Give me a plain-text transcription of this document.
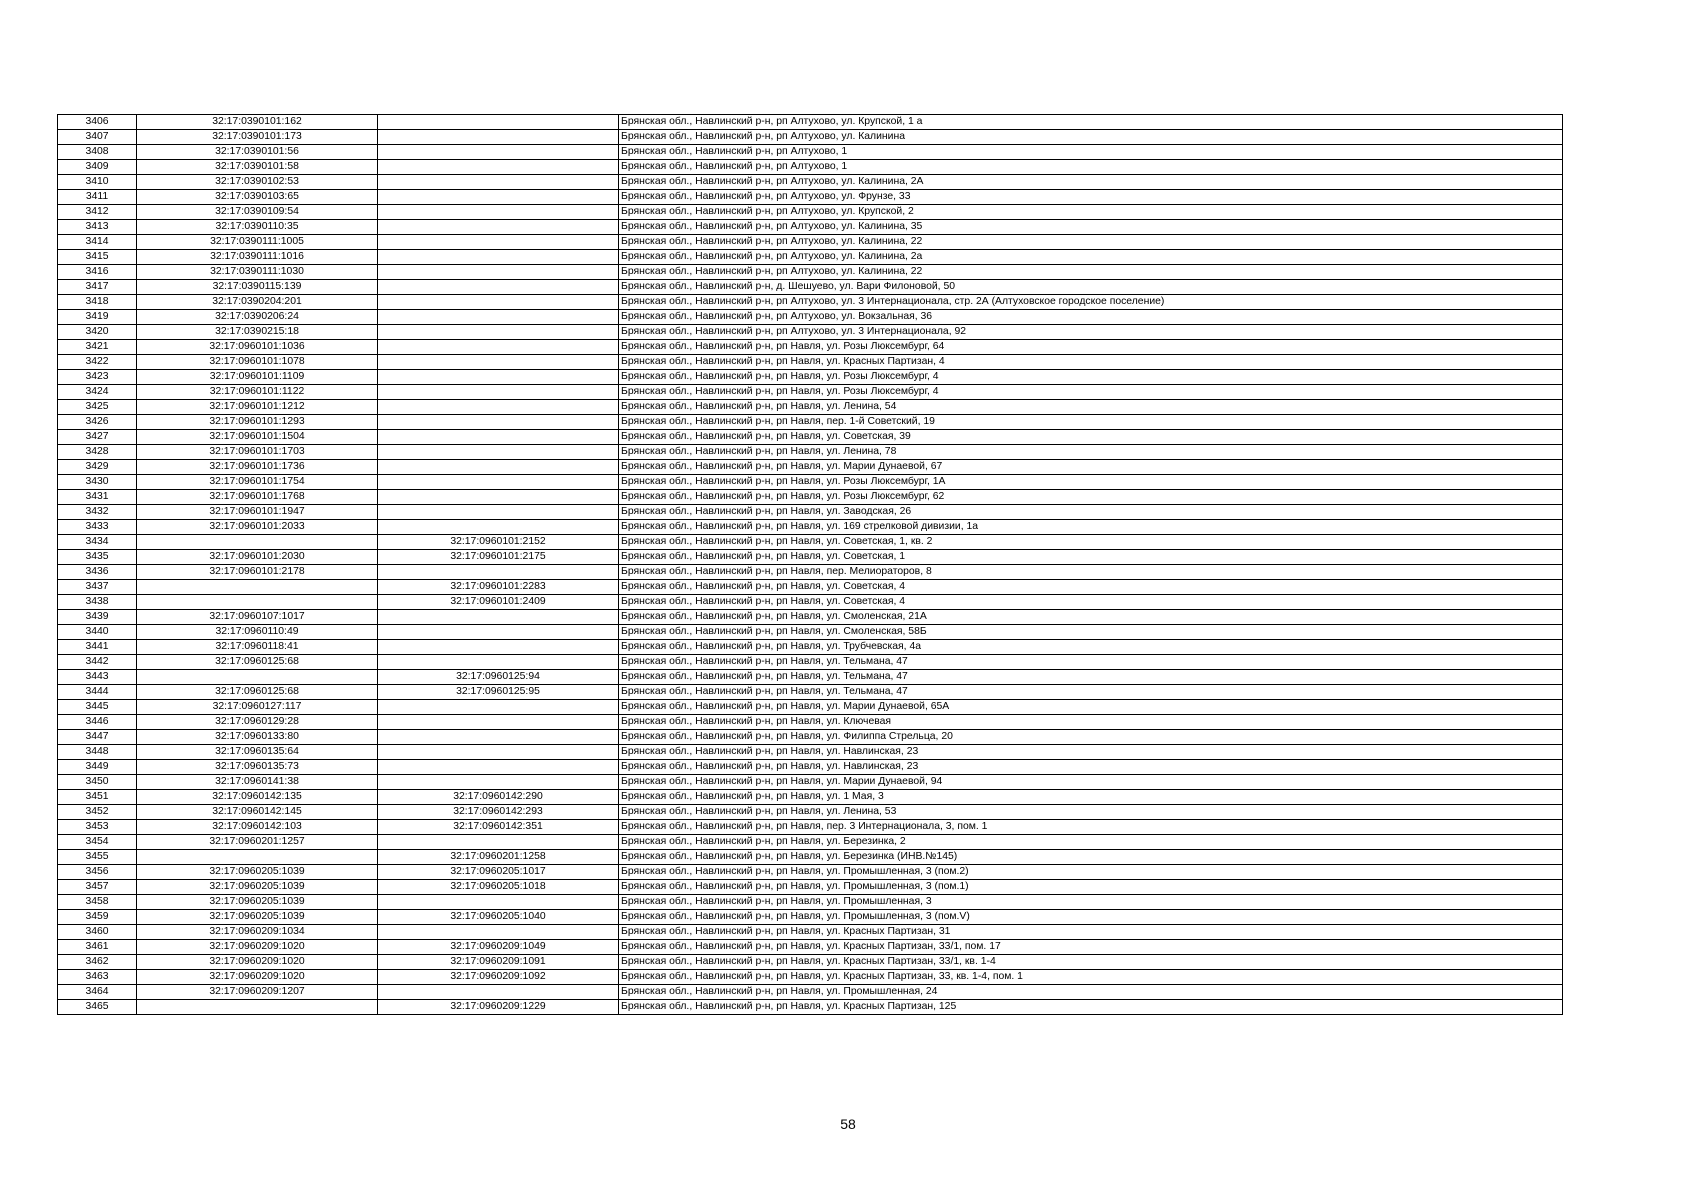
3406	32:17:0390101:162		Брянская обл., Навлинский р-н, рп Алтухово, ул. Крупской, 1 а
3407	32:17:0390101:173		Брянская обл., Навлинский р-н, рп Алтухово, ул. Калинина
3408	32:17:0390101:56		Брянская обл., Навлинский р-н, рп Алтухово, 1
3409	32:17:0390101:58		Брянская обл., Навлинский р-н, рп Алтухово, 1
3410	32:17:0390102:53		Брянская обл., Навлинский р-н, рп Алтухово, ул. Калинина, 2А
3411	32:17:0390103:65		Брянская обл., Навлинский р-н, рп Алтухово, ул. Фрунзе, 33
3412	32:17:0390109:54		Брянская обл., Навлинский р-н, рп Алтухово, ул. Крупской, 2
3413	32:17:0390110:35		Брянская обл., Навлинский р-н, рп Алтухово, ул. Калинина, 35
3414	32:17:0390111:1005		Брянская обл., Навлинский р-н, рп Алтухово, ул. Калинина, 22
3415	32:17:0390111:1016		Брянская обл., Навлинский р-н, рп Алтухово, ул. Калинина, 2а
3416	32:17:0390111:1030		Брянская обл., Навлинский р-н, рп Алтухово, ул. Калинина, 22
3417	32:17:0390115:139		Брянская обл., Навлинский р-н, д. Шешуево, ул. Вари Филоновой, 50
3418	32:17:0390204:201		Брянская обл., Навлинский р-н, рп Алтухово, ул. 3 Интернационала, стр. 2А (Алтуховское городское поселение)
3419	32:17:0390206:24		Брянская обл., Навлинский р-н, рп Алтухово, ул. Вокзальная, 36
3420	32:17:0390215:18		Брянская обл., Навлинский р-н, рп Алтухово, ул. 3 Интернационала, 92
3421	32:17:0960101:1036		Брянская обл., Навлинский р-н, рп Навля, ул. Розы Люксембург, 64
3422	32:17:0960101:1078		Брянская обл., Навлинский р-н, рп Навля, ул. Красных Партизан, 4
3423	32:17:0960101:1109		Брянская обл., Навлинский р-н, рп Навля, ул. Розы Люксембург, 4
3424	32:17:0960101:1122		Брянская обл., Навлинский р-н, рп Навля, ул. Розы Люксембург, 4
3425	32:17:0960101:1212		Брянская обл., Навлинский р-н, рп Навля, ул. Ленина, 54
3426	32:17:0960101:1293		Брянская обл., Навлинский р-н, рп Навля, пер. 1-й Советский, 19
3427	32:17:0960101:1504		Брянская обл., Навлинский р-н, рп Навля, ул. Советская, 39
3428	32:17:0960101:1703		Брянская обл., Навлинский р-н, рп Навля, ул. Ленина, 78
3429	32:17:0960101:1736		Брянская обл., Навлинский р-н, рп Навля, ул. Марии Дунаевой, 67
3430	32:17:0960101:1754		Брянская обл., Навлинский р-н, рп Навля, ул. Розы Люксембург, 1А
3431	32:17:0960101:1768		Брянская обл., Навлинский р-н, рп Навля, ул. Розы Люксембург, 62
3432	32:17:0960101:1947		Брянская обл., Навлинский р-н, рп Навля, ул. Заводская, 26
3433	32:17:0960101:2033		Брянская обл., Навлинский р-н, рп Навля, ул. 169 стрелковой дивизии, 1а
3434		32:17:0960101:2152	Брянская обл., Навлинский р-н, рп Навля, ул. Советская, 1, кв. 2
3435	32:17:0960101:2030	32:17:0960101:2175	Брянская обл., Навлинский р-н, рп Навля, ул. Советская, 1
3436	32:17:0960101:2178		Брянская обл., Навлинский р-н, рп Навля, пер. Мелиораторов, 8
3437		32:17:0960101:2283	Брянская обл., Навлинский р-н, рп Навля, ул. Советская, 4
3438		32:17:0960101:2409	Брянская обл., Навлинский р-н, рп Навля, ул. Советская, 4
3439	32:17:0960107:1017		Брянская обл., Навлинский р-н, рп Навля, ул. Смоленская, 21А
3440	32:17:0960110:49		Брянская обл., Навлинский р-н, рп Навля, ул. Смоленская, 58Б
3441	32:17:0960118:41		Брянская обл., Навлинский р-н, рп Навля, ул. Трубчевская, 4а
3442	32:17:0960125:68		Брянская обл., Навлинский р-н, рп Навля, ул. Тельмана, 47
3443		32:17:0960125:94	Брянская обл., Навлинский р-н, рп Навля, ул. Тельмана, 47
3444	32:17:0960125:68	32:17:0960125:95	Брянская обл., Навлинский р-н, рп Навля, ул. Тельмана, 47
3445	32:17:0960127:117		Брянская обл., Навлинский р-н, рп Навля, ул. Марии Дунаевой, 65А
3446	32:17:0960129:28		Брянская обл., Навлинский р-н, рп Навля, ул. Ключевая
3447	32:17:0960133:80		Брянская обл., Навлинский р-н, рп Навля, ул. Филиппа Стрельца, 20
3448	32:17:0960135:64		Брянская обл., Навлинский р-н, рп Навля, ул. Навлинская, 23
3449	32:17:0960135:73		Брянская обл., Навлинский р-н, рп Навля, ул. Навлинская, 23
3450	32:17:0960141:38		Брянская обл., Навлинский р-н, рп Навля, ул. Марии Дунаевой, 94
3451	32:17:0960142:135	32:17:0960142:290	Брянская обл., Навлинский р-н, рп Навля, ул. 1 Мая, 3
3452	32:17:0960142:145	32:17:0960142:293	Брянская обл., Навлинский р-н, рп Навля, ул. Ленина, 53
3453	32:17:0960142:103	32:17:0960142:351	Брянская обл., Навлинский р-н, рп Навля, пер. 3 Интернационала, 3, пом. 1
3454	32:17:0960201:1257		Брянская обл., Навлинский р-н, рп Навля, ул. Березинка, 2
3455		32:17:0960201:1258	Брянская обл., Навлинский р-н, рп Навля, ул. Березинка (ИНВ.№145)
3456	32:17:0960205:1039	32:17:0960205:1017	Брянская обл., Навлинский р-н, рп Навля, ул. Промышленная, 3 (пом.2)
3457	32:17:0960205:1039	32:17:0960205:1018	Брянская обл., Навлинский р-н, рп Навля, ул. Промышленная, 3 (пом.1)
3458	32:17:0960205:1039		Брянская обл., Навлинский р-н, рп Навля, ул. Промышленная, 3
3459	32:17:0960205:1039	32:17:0960205:1040	Брянская обл., Навлинский р-н, рп Навля, ул. Промышленная, 3 (пом.V)
3460	32:17:0960209:1034		Брянская обл., Навлинский р-н, рп Навля, ул. Красных Партизан, 31
3461	32:17:0960209:1020	32:17:0960209:1049	Брянская обл., Навлинский р-н, рп Навля, ул. Красных Партизан, 33/1, пом. 17
3462	32:17:0960209:1020	32:17:0960209:1091	Брянская обл., Навлинский р-н, рп Навля, ул. Красных Партизан, 33/1, кв. 1-4
3463	32:17:0960209:1020	32:17:0960209:1092	Брянская обл., Навлинский р-н, рп Навля, ул. Красных Партизан, 33, кв. 1-4, пом. 1
3464	32:17:0960209:1207		Брянская обл., Навлинский р-н, рп Навля, ул. Промышленная, 24
3465		32:17:0960209:1229	Брянская обл., Навлинский р-н, рп Навля, ул. Красных Партизан, 125
58
